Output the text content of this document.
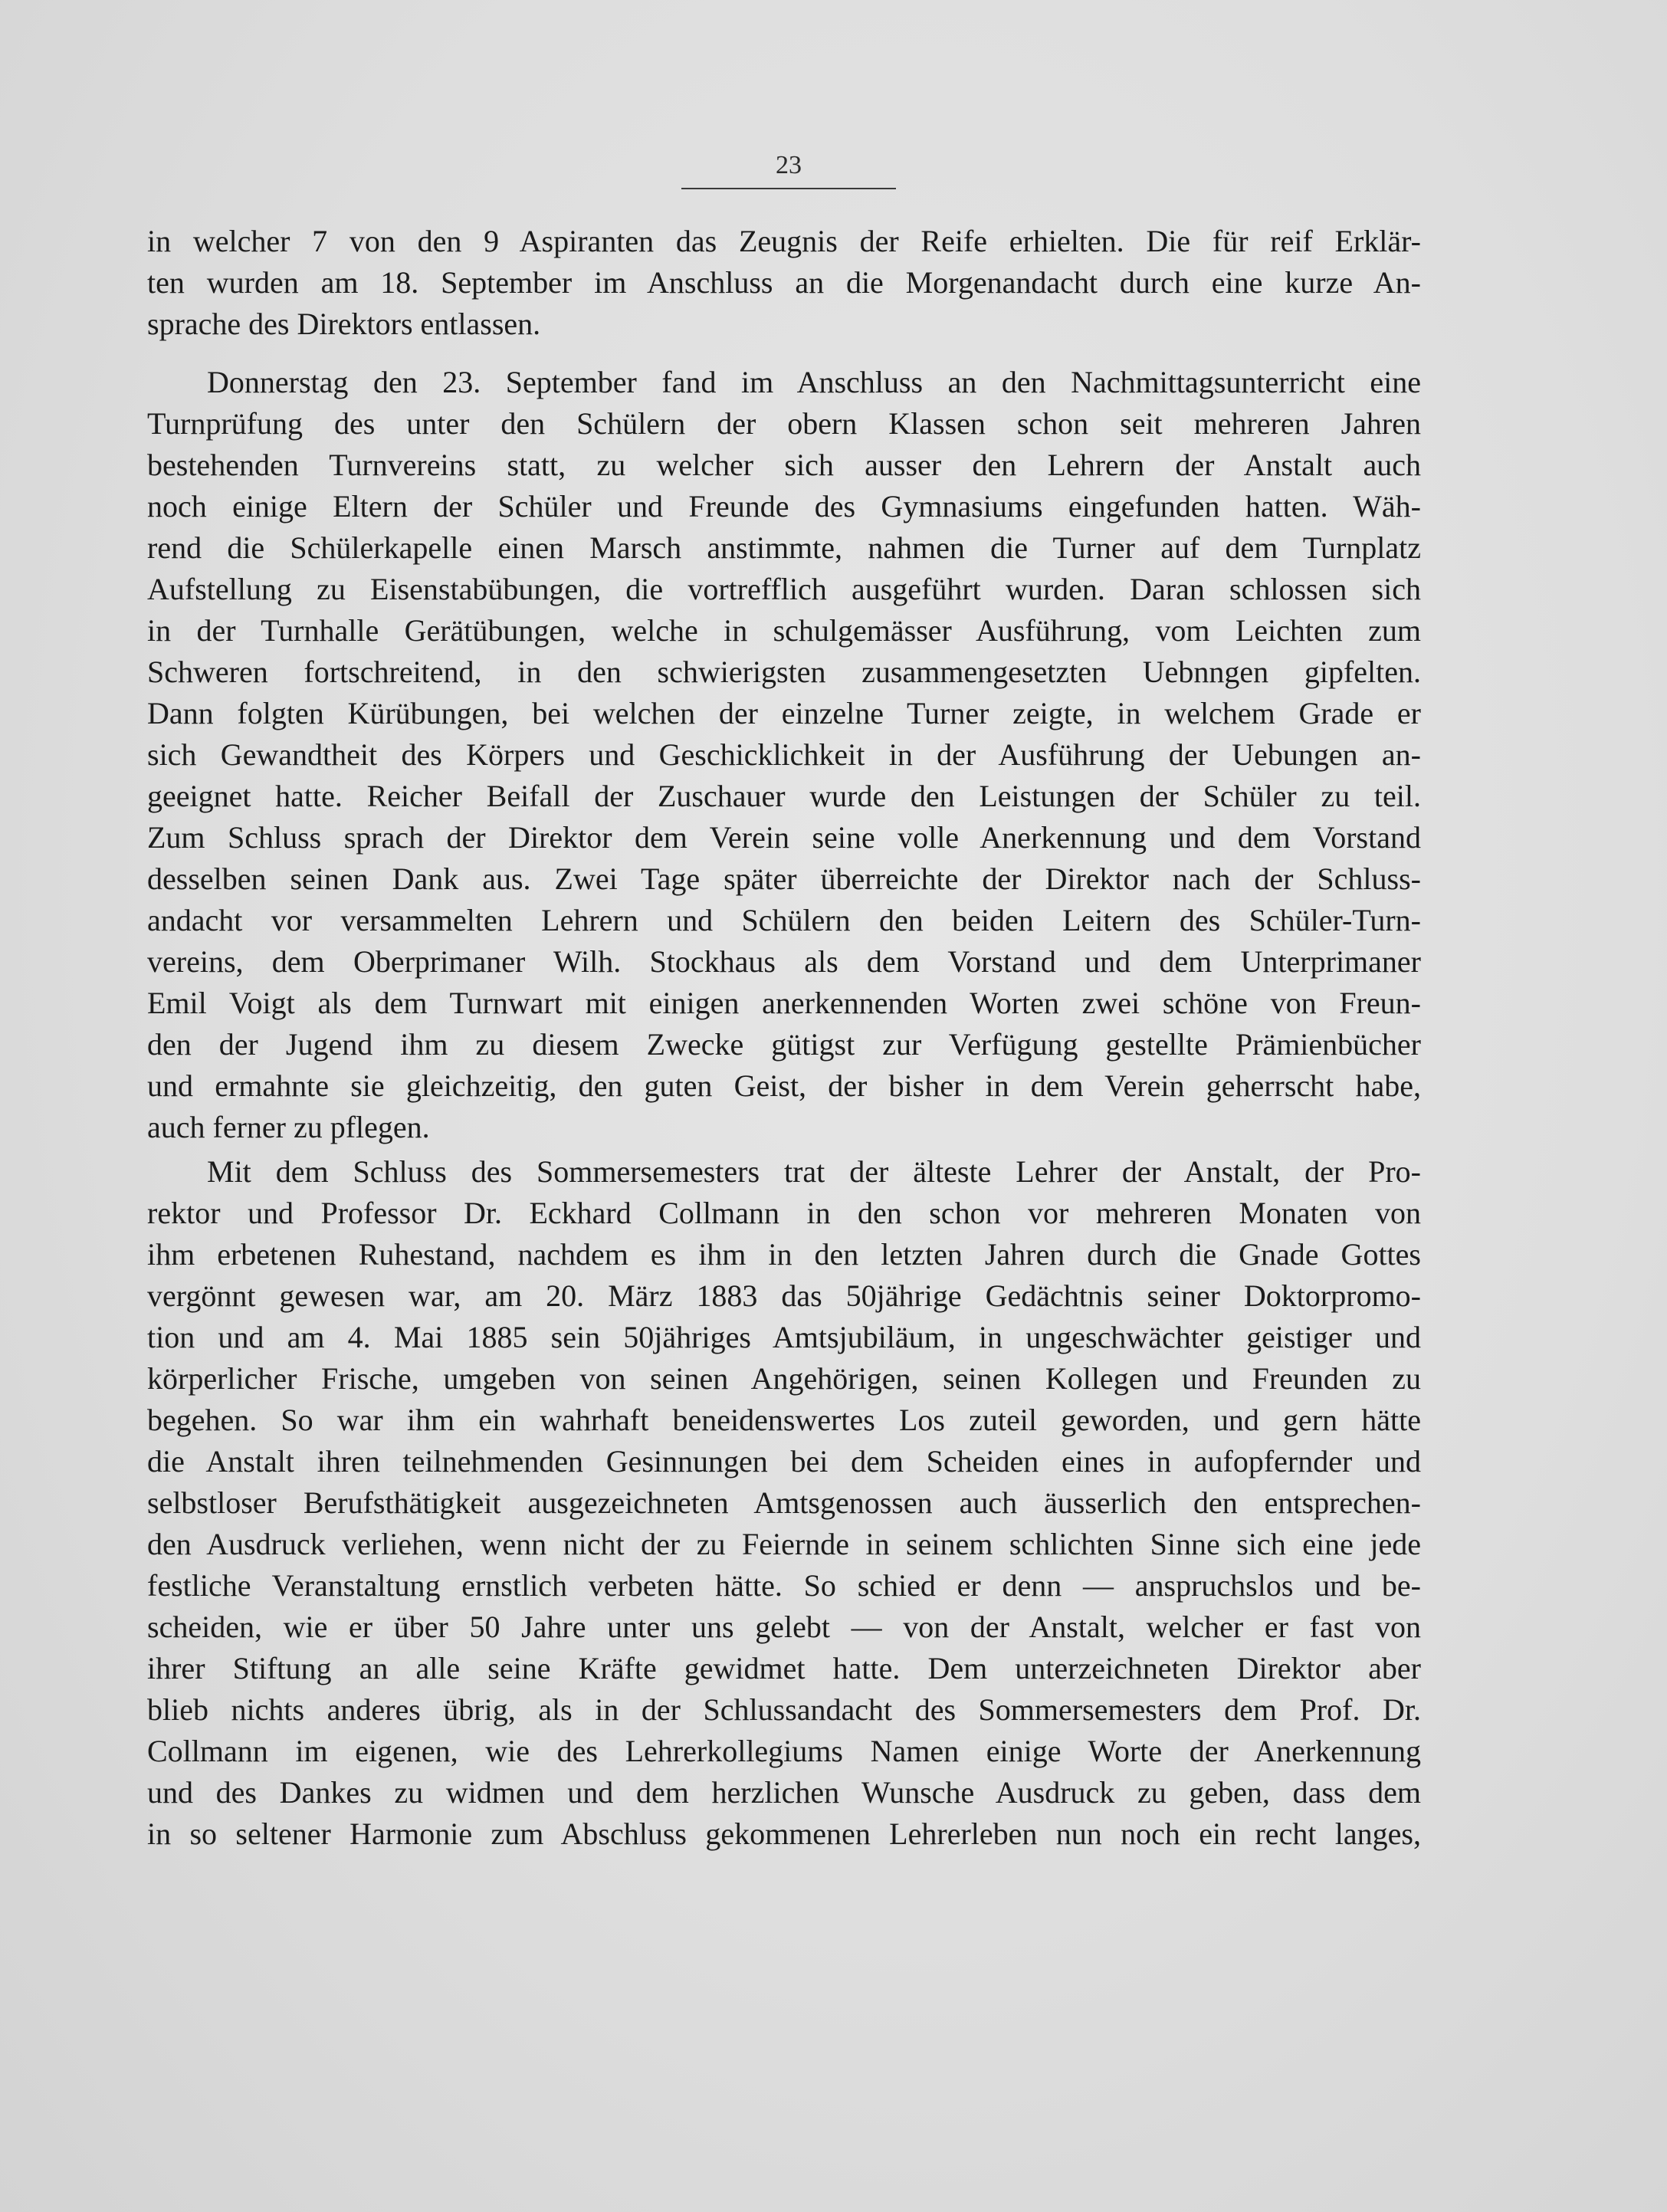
23
in welcher 7 von den 9 Aspiranten das Zeugnis der Reife erhielten. Die für reif Erklär-
ten wurden am 18. September im Anschluss an die Morgenandacht durch eine kurze An-
sprache des Direktors entlassen.
Donnerstag den 23. September fand im Anschluss an den Nachmittagsunterricht eine
Turnprüfung des unter den Schülern der obern Klassen schon seit mehreren Jahren
bestehenden Turnvereins statt, zu welcher sich ausser den Lehrern der Anstalt auch
noch einige Eltern der Schüler und Freunde des Gymnasiums eingefunden hatten. Wäh-
rend die Schülerkapelle einen Marsch anstimmte, nahmen die Turner auf dem Turnplatz
Aufstellung zu Eisenstabübungen, die vortrefflich ausgeführt wurden. Daran schlossen sich
in der Turnhalle Gerätübungen, welche in schulgemässer Ausführung, vom Leichten zum
Schweren fortschreitend, in den schwierigsten zusammengesetzten Uebnngen gipfelten.
Dann folgten Kürübungen, bei welchen der einzelne Turner zeigte, in welchem Grade er
sich Gewandtheit des Körpers und Geschicklichkeit in der Ausführung der Uebungen an-
geeignet hatte. Reicher Beifall der Zuschauer wurde den Leistungen der Schüler zu teil.
Zum Schluss sprach der Direktor dem Verein seine volle Anerkennung und dem Vorstand
desselben seinen Dank aus. Zwei Tage später überreichte der Direktor nach der Schluss-
andacht vor versammelten Lehrern und Schülern den beiden Leitern des Schüler-Turn-
vereins, dem Oberprimaner Wilh. Stockhaus als dem Vorstand und dem Unterprimaner
Emil Voigt als dem Turnwart mit einigen anerkennenden Worten zwei schöne von Freun-
den der Jugend ihm zu diesem Zwecke gütigst zur Verfügung gestellte Prämienbücher
und ermahnte sie gleichzeitig, den guten Geist, der bisher in dem Verein geherrscht habe,
auch ferner zu pflegen.
Mit dem Schluss des Sommersemesters trat der älteste Lehrer der Anstalt, der Pro-
rektor und Professor Dr. Eckhard Collmann in den schon vor mehreren Monaten von
ihm erbetenen Ruhestand, nachdem es ihm in den letzten Jahren durch die Gnade Gottes
vergönnt gewesen war, am 20. März 1883 das 50jährige Gedächtnis seiner Doktorpromo-
tion und am 4. Mai 1885 sein 50jähriges Amtsjubiläum, in ungeschwächter geistiger und
körperlicher Frische, umgeben von seinen Angehörigen, seinen Kollegen und Freunden zu
begehen. So war ihm ein wahrhaft beneidenswertes Los zuteil geworden, und gern hätte
die Anstalt ihren teilnehmenden Gesinnungen bei dem Scheiden eines in aufopfernder und
selbstloser Berufsthätigkeit ausgezeichneten Amtsgenossen auch äusserlich den entsprechen-
den Ausdruck verliehen, wenn nicht der zu Feiernde in seinem schlichten Sinne sich eine jede
festliche Veranstaltung ernstlich verbeten hätte. So schied er denn — anspruchslos und be-
scheiden, wie er über 50 Jahre unter uns gelebt — von der Anstalt, welcher er fast von
ihrer Stiftung an alle seine Kräfte gewidmet hatte. Dem unterzeichneten Direktor aber
blieb nichts anderes übrig, als in der Schlussandacht des Sommersemesters dem Prof. Dr.
Collmann im eigenen, wie des Lehrerkollegiums Namen einige Worte der Anerkennung
und des Dankes zu widmen und dem herzlichen Wunsche Ausdruck zu geben, dass dem
in so seltener Harmonie zum Abschluss gekommenen Lehrerleben nun noch ein recht langes,
